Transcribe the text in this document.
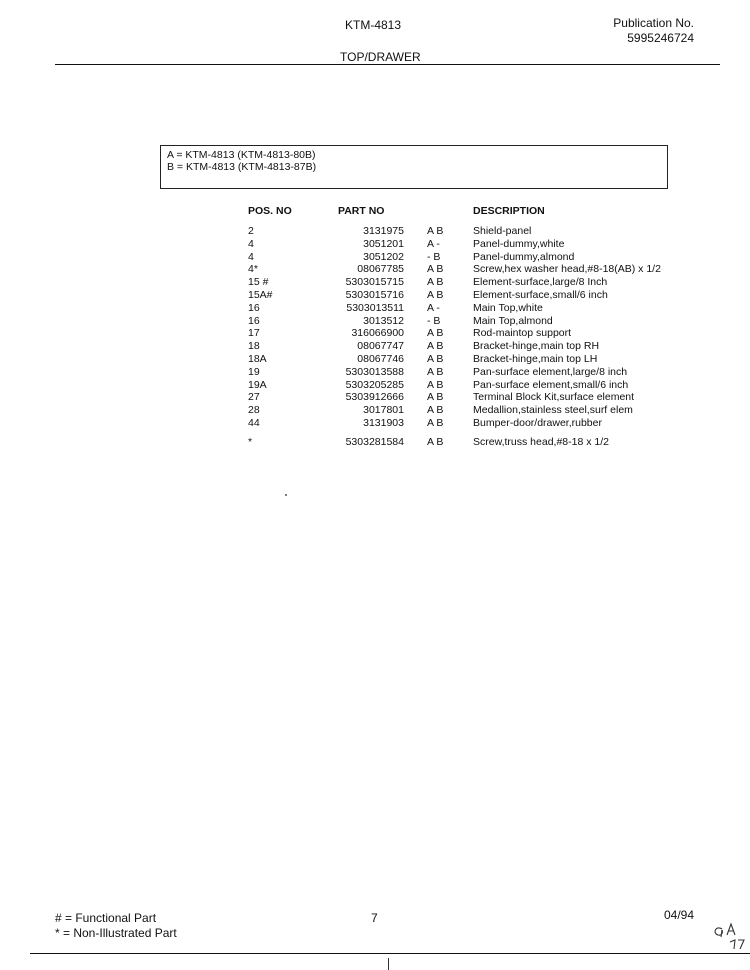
KTM-4813	Publication No.
5995246724
TOP/DRAWER
A = KTM-4813 (KTM-4813-80B)
B = KTM-4813 (KTM-4813-87B)
POS. NO	PART NO	DESCRIPTION
2	3131975 A B	Shield-panel
4	3051201 A -	Panel-dummy,white
4	3051202 - B	Panel-dummy,almond
4*	08067785 A B	Screw,hex washer head,#8-18(AB) x 1/2
15 #	5303015715 A B	Element-surface,large/8 Inch
15A#	5303015716 A B	Element-surface,small/6 inch
16	5303013511 A -	Main Top,white
16	3013512 - B	Main Top,almond
17	316066900 A B	Rod-maintop support
18	08067747 A B	Bracket-hinge,main top RH
18A	08067746 A B	Bracket-hinge,main top LH
19	5303013588 A B	Pan-surface element,large/8 inch
19A	5303205285 A B	Pan-surface element,small/6 inch
27	5303912666 A B	Terminal Block Kit,surface element
28	3017801 A B	Medallion,stainless steel,surf elem
44	3131903 A B	Bumper-door/drawer,rubber
*	5303281584 A B	Screw,truss head,#8-18 x 1/2
# = Functional Part
* = Non-Illustrated Part
7	04/94
